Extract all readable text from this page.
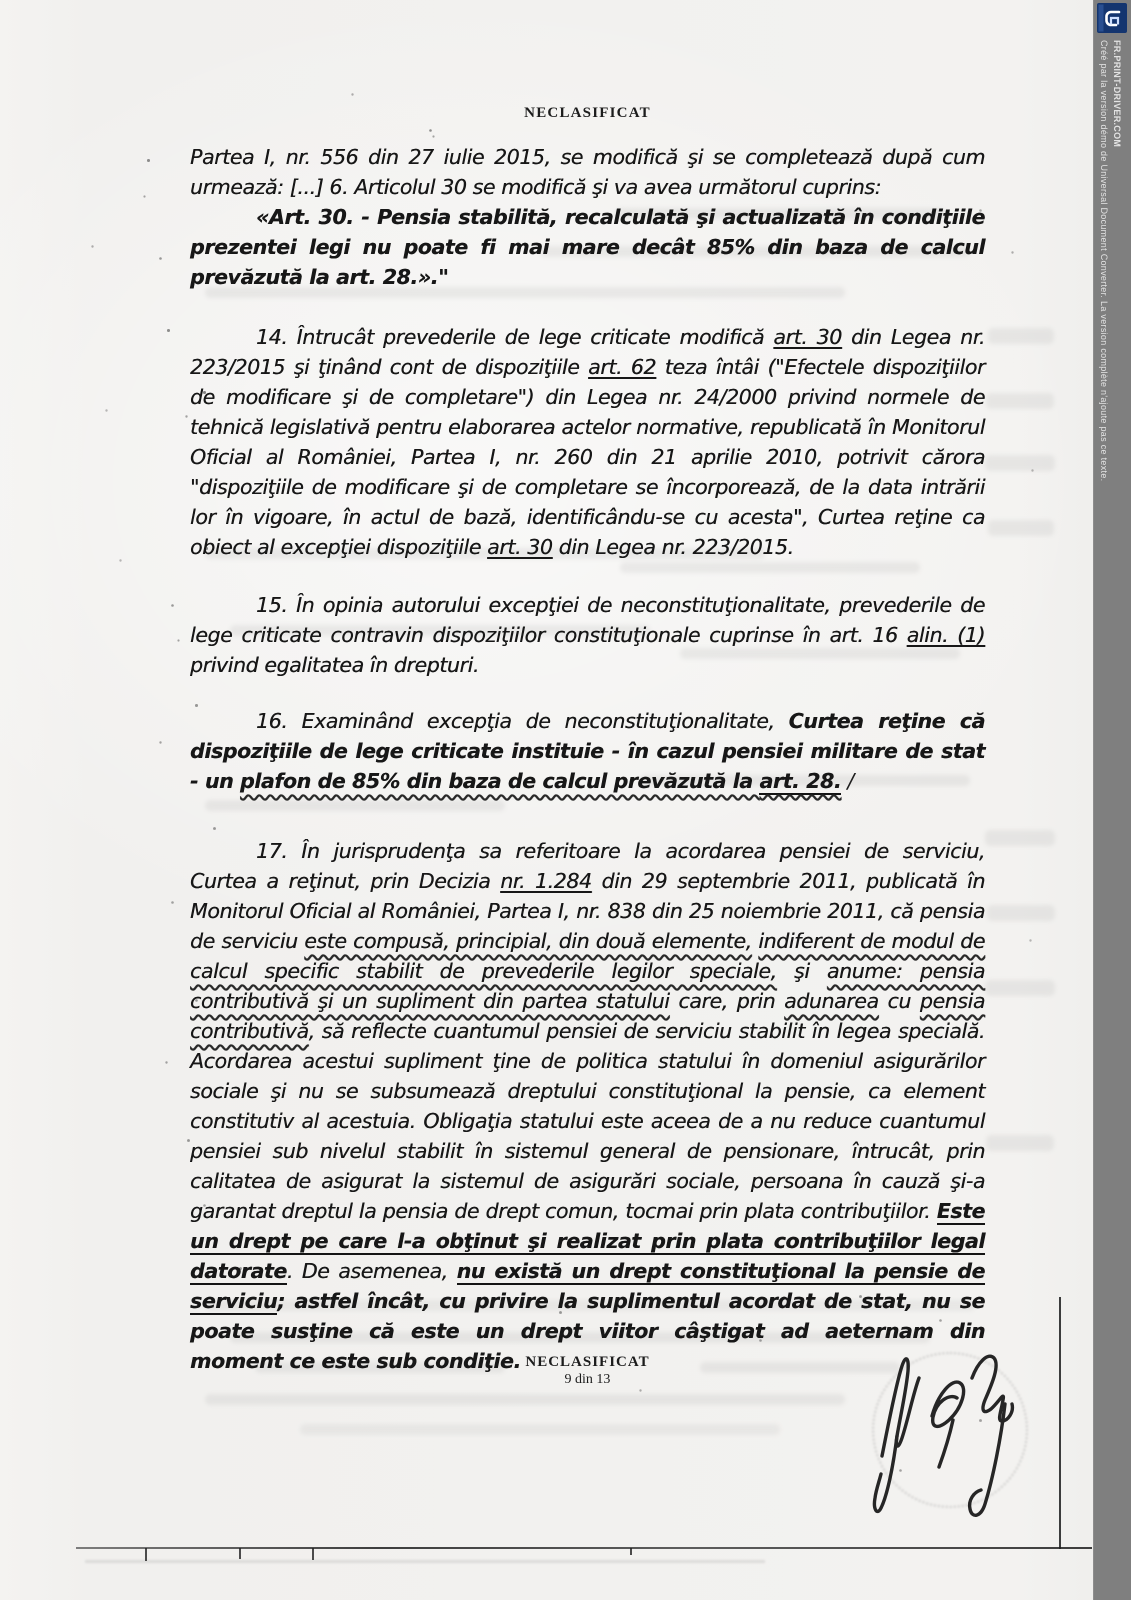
NECLASIFICAT

Partea I, nr. 556 din 27 iulie 2015, se modifică şi se completează după cum urmează: [...] 6. Articolul 30 se modifică şi va avea următorul cuprins:

«Art. 30. - Pensia stabilită, recalculată şi actualizată în condiţiile prezentei legi nu poate fi mai mare decât 85% din baza de calcul prevăzută la art. 28.»."

14. Întrucât prevederile de lege criticate modifică art. 30 din Legea nr. 223/2015 şi ţinând cont de dispoziţiile art. 62 teza întâi ("Efectele dispoziţiilor de modificare şi de completare") din Legea nr. 24/2000 privind normele de tehnică legislativă pentru elaborarea actelor normative, republicată în Monitorul Oficial al României, Partea I, nr. 260 din 21 aprilie 2010, potrivit cărora "dispoziţiile de modificare şi de completare se încorporează, de la data intrării lor în vigoare, în actul de bază, identificându-se cu acesta", Curtea reţine ca obiect al excepţiei dispoziţiile art. 30 din Legea nr. 223/2015.

15. În opinia autorului excepţiei de neconstituţionalitate, prevederile de lege criticate contravin dispoziţiilor constituţionale cuprinse în art. 16 alin. (1) privind egalitatea în drepturi.

16. Examinând excepţia de neconstituţionalitate, Curtea reţine că dispoziţiile de lege criticate instituie - în cazul pensiei militare de stat - un plafon de 85% din baza de calcul prevăzută la art. 28. /

17. În jurisprudenţa sa referitoare la acordarea pensiei de serviciu, Curtea a reţinut, prin Decizia nr. 1.284 din 29 septembrie 2011, publicată în Monitorul Oficial al României, Partea I, nr. 838 din 25 noiembrie 2011, că pensia de serviciu este compusă, principial, din două elemente, indiferent de modul de calcul specific stabilit de prevederile legilor speciale, şi anume: pensia contributivă şi un supliment din partea statului care, prin adunarea cu pensia contributivă, să reflecte cuantumul pensiei de serviciu stabilit în legea specială. Acordarea acestui supliment ţine de politica statului în domeniul asigurărilor sociale şi nu se subsumează dreptului constituţional la pensie, ca element constitutiv al acestuia. Obligaţia statului este aceea de a nu reduce cuantumul pensiei sub nivelul stabilit în sistemul general de pensionare, întrucât, prin calitatea de asigurat la sistemul de asigurări sociale, persoana în cauză şi-a garantat dreptul la pensia de drept comun, tocmai prin plata contribuţiilor. Este un drept pe care l-a obţinut şi realizat prin plata contribuţiilor legal datorate. De asemenea, nu există un drept constituţional la pensie de serviciu; astfel încât, cu privire la suplimentul acordat de stat, nu se poate susţine că este un drept viitor câştigat ad aeternam din moment ce este sub condiţie. NECLASIFICAT
9 din 13
Créé par la version démo de Universal Document Converter. La version complète n'ajoute pas ce texte. FR.PRINT-DRIVER.COM
